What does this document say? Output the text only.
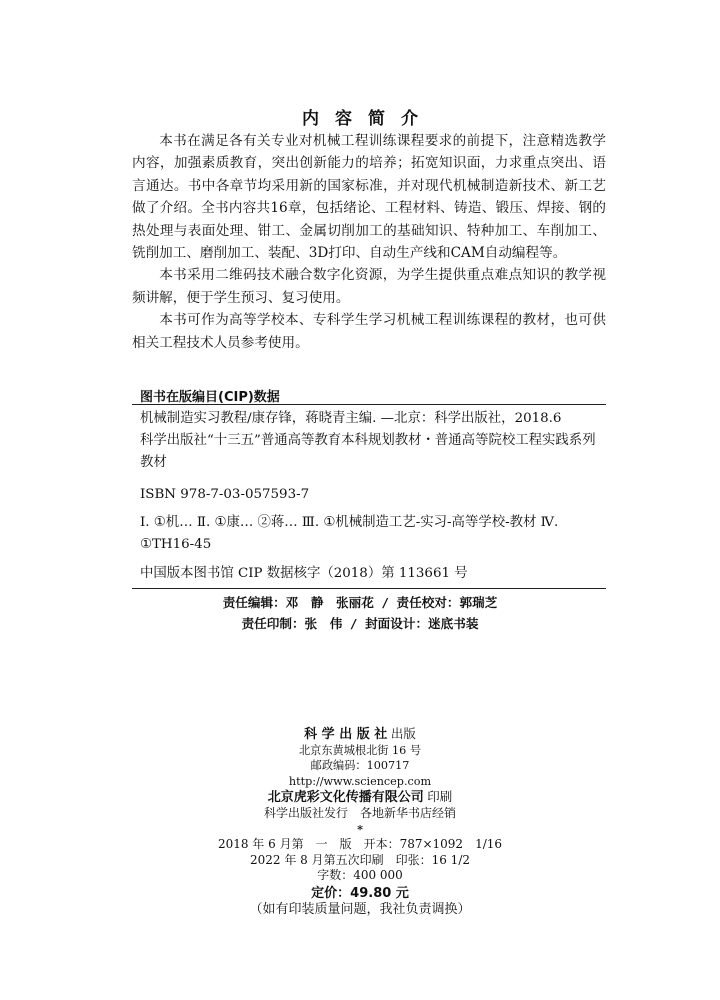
内容简介

本书在满足各有关专业对机械工程训练课程要求的前提下，注意精选教学内容，加强素质教育，突出创新能力的培养；拓宽知识面，力求重点突出、语言通达。书中各章节均采用新的国家标准，并对现代机械制造新技术、新工艺做了介绍。全书内容共16章，包括绪论、工程材料、铸造、锻压、焊接、钢的热处理与表面处理、钳工、金属切削加工的基础知识、特种加工、车削加工、铣削加工、磨削加工、装配、3D打印、自动生产线和CAM自动编程等。

本书采用二维码技术融合数字化资源，为学生提供重点难点知识的教学视频讲解，便于学生预习、复习使用。

本书可作为高等学校本、专科学生学习机械工程训练课程的教材，也可供相关工程技术人员参考使用。

图书在版编目(CIP)数据

机械制造实习教程/康存锋，蒋晓青主编. —北京：科学出版社，2018.6

科学出版社“十三五”普通高等教育本科规划教材・普通高等院校工程实践系列教材

ISBN 978-7-03-057593-7

Ⅰ. ①机… Ⅱ. ①康… ②蒋… Ⅲ. ①机械制造工艺-实习-高等学校-教材 Ⅳ. ①TH16-45

中国版本图书馆 CIP 数据核字（2018）第 113661 号

责任编辑：邓　静　张丽花 / 责任校对：郭瑞芝
责任印制：张　伟 / 封面设计：迷底书装
科 学 出 版 社 出版
北京东黄城根北街 16 号
邮政编码：100717
http://www.sciencep.com
北京虎彩文化传播有限公司 印刷
科学出版社发行　各地新华书店经销
*
2018 年 6 月第　一　版　开本：787×1092　1/16
2022 年 8 月第五次印刷　印张：16 1/2
字数：400 000
定价：49.80 元
（如有印装质量问题，我社负责调换）
